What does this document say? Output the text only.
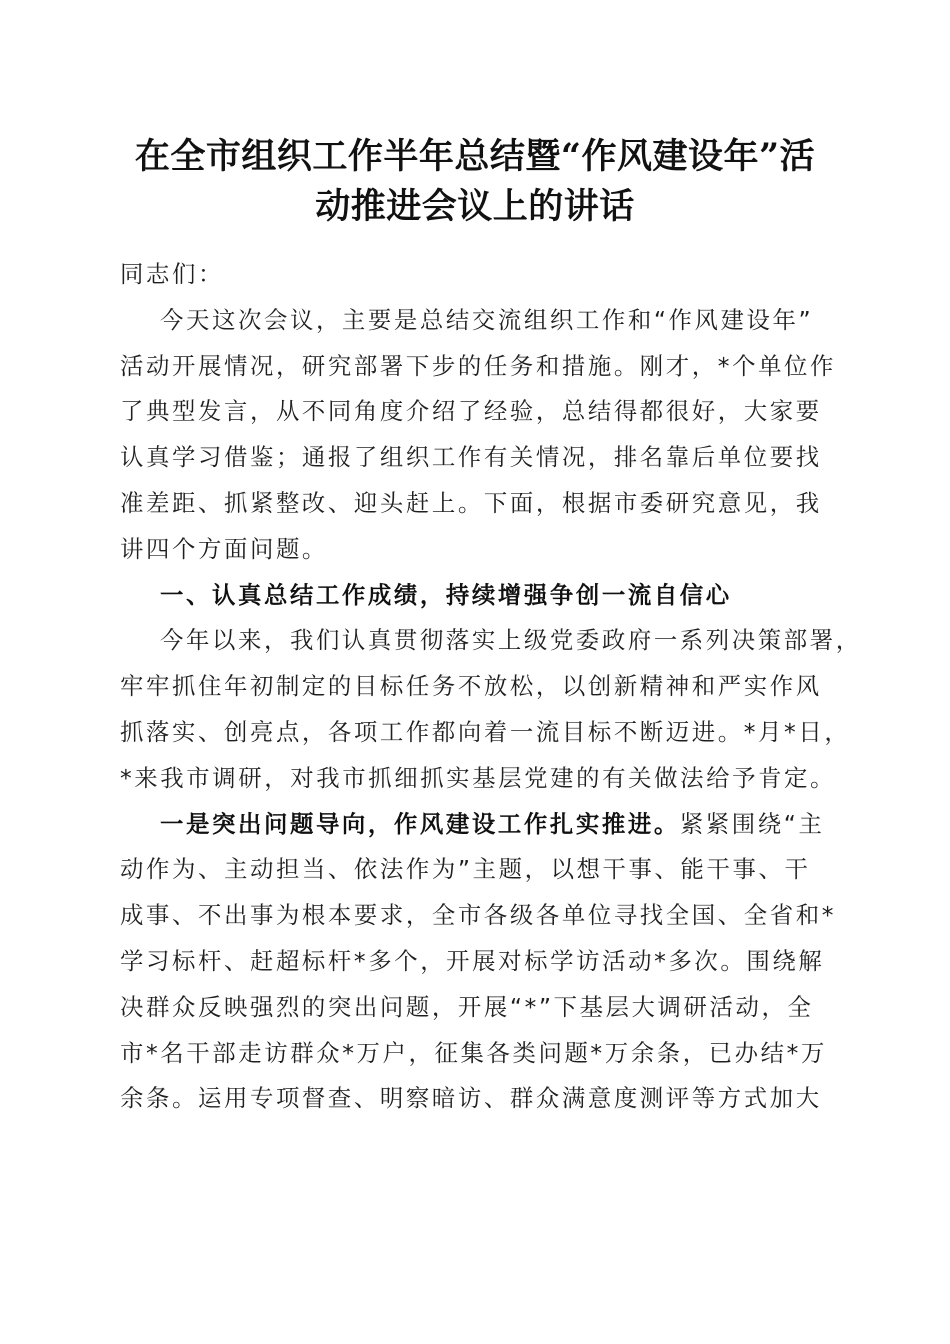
在全市组织工作半年总结暨“作风建设年”活
动推进会议上的讲话

同志们：

今天这次会议，主要是总结交流组织工作和“作风建设年”
活动开展情况，研究部署下步的任务和措施。刚才，*个单位作
了典型发言，从不同角度介绍了经验，总结得都很好，大家要
认真学习借鉴；通报了组织工作有关情况，排名靠后单位要找
准差距、抓紧整改、迎头赶上。下面，根据市委研究意见，我
讲四个方面问题。

一、认真总结工作成绩，持续增强争创一流自信心

今年以来，我们认真贯彻落实上级党委政府一系列决策部署，
牢牢抓住年初制定的目标任务不放松，以创新精神和严实作风
抓落实、创亮点，各项工作都向着一流目标不断迈进。*月*日，
*来我市调研，对我市抓细抓实基层党建的有关做法给予肯定。

一是突出问题导向，作风建设工作扎实推进。紧紧围绕“主
动作为、主动担当、依法作为”主题，以想干事、能干事、干
成事、不出事为根本要求，全市各级各单位寻找全国、全省和*
学习标杆、赶超标杆*多个，开展对标学访活动*多次。围绕解
决群众反映强烈的突出问题，开展“*”下基层大调研活动，全
市*名干部走访群众*万户，征集各类问题*万余条，已办结*万
余条。运用专项督查、明察暗访、群众满意度测评等方式加大
